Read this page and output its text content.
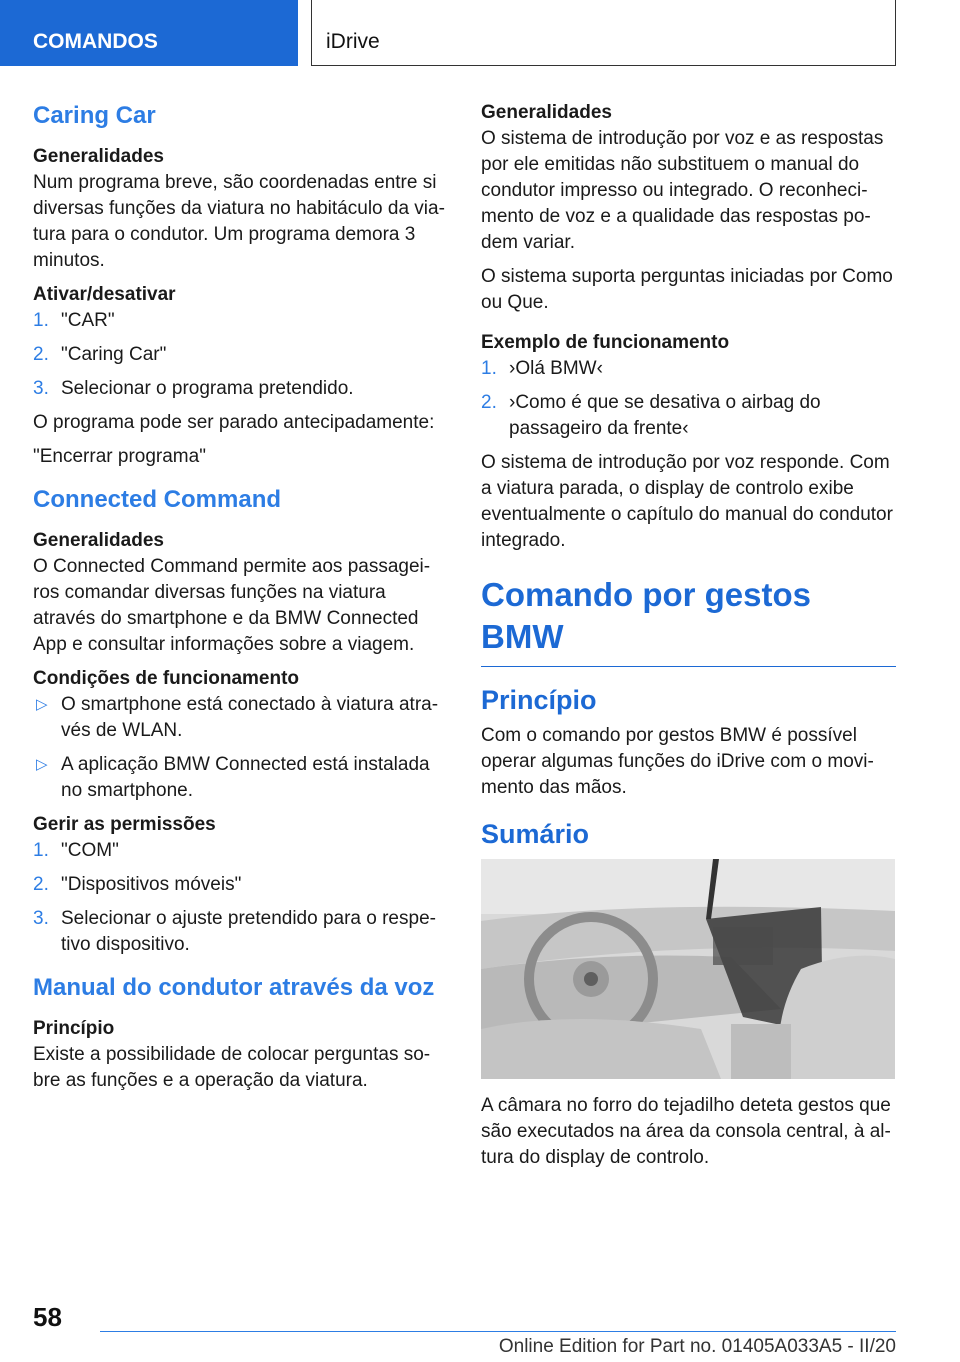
COMANDOS	iDrive
Caring Car
Generalidades

Num programa breve, são coordenadas entre si diversas funções da viatura no habitáculo da via-tura para o condutor. Um programa demora 3 minutos.

Ativar/desativar
1. "CAR"
2. "Caring Car"
3. Selecionar o programa pretendido.

O programa pode ser parado antecipadamente:

"Encerrar programa"

Connected Command
Generalidades

O Connected Command permite aos passagei-ros comandar diversas funções na viatura através do smartphone e da BMW Connected App e consultar informações sobre a viagem.

Condições de funcionamento
▷ O smartphone está conectado à viatura atra-vés de WLAN.
▷ A aplicação BMW Connected está instalada no smartphone.
Gerir as permissões
1. "COM"
2. "Dispositivos móveis"
3. Selecionar o ajuste pretendido para o respe-tivo dispositivo.
Manual do condutor através da voz
Princípio

Existe a possibilidade de colocar perguntas so-bre as funções e a operação da viatura.

Generalidades

O sistema de introdução por voz e as respostas por ele emitidas não substituem o manual do condutor impresso ou integrado. O reconheci-mento de voz e a qualidade das respostas po-dem variar.

O sistema suporta perguntas iniciadas por Como ou Que.

Exemplo de funcionamento
1. ›Olá BMW‹
2. ›Como é que se desativa o airbag do passageiro da frente‹

O sistema de introdução por voz responde. Com a viatura parada, o display de controlo exibe eventualmente o capítulo do manual do condutor integrado.

Comando por gestos BMW
Princípio

Com o comando por gestos BMW é possível operar algumas funções do iDrive com o movi-mento das mãos.

Sumário

A câmara no forro do tejadilho deteta gestos que são executados na área da consola central, à al-tura do display de controlo.

58
Online Edition for Part no. 01405A033A5 - II/20
